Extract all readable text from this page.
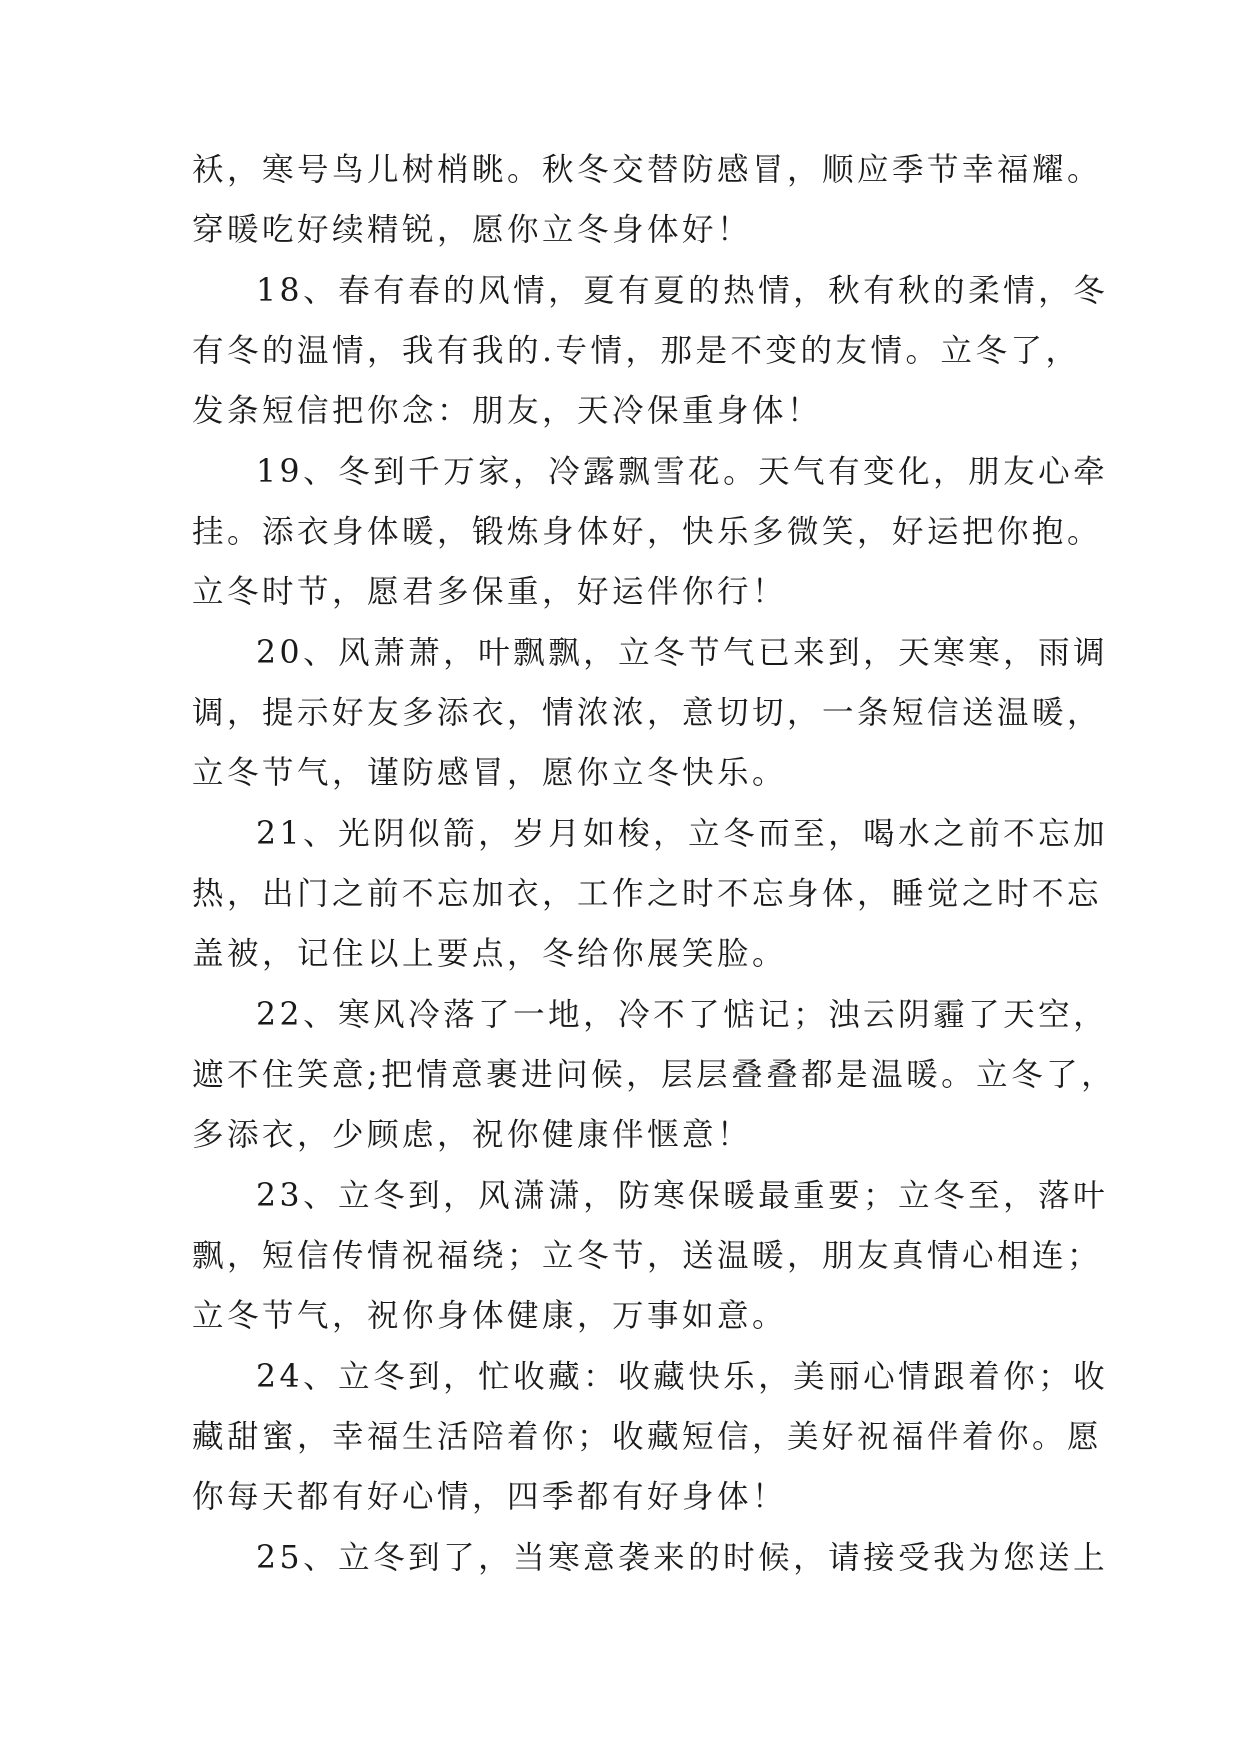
袄，寒号鸟儿树梢眺。秋冬交替防感冒，顺应季节幸福耀。
穿暖吃好续精锐，愿你立冬身体好！
18、春有春的风情，夏有夏的热情，秋有秋的柔情，冬
有冬的温情，我有我的.专情，那是不变的友情。立冬了，
发条短信把你念：朋友，天冷保重身体！
19、冬到千万家，冷露飘雪花。天气有变化，朋友心牵
挂。添衣身体暖，锻炼身体好，快乐多微笑，好运把你抱。
立冬时节，愿君多保重，好运伴你行！
20、风萧萧，叶飘飘，立冬节气已来到，天寒寒，雨调
调，提示好友多添衣，情浓浓，意切切，一条短信送温暖，
立冬节气，谨防感冒，愿你立冬快乐。
21、光阴似箭，岁月如梭，立冬而至，喝水之前不忘加
热，出门之前不忘加衣，工作之时不忘身体，睡觉之时不忘
盖被，记住以上要点，冬给你展笑脸。
22、寒风冷落了一地，冷不了惦记；浊云阴霾了天空，
遮不住笑意;把情意裹进问候，层层叠叠都是温暖。立冬了，
多添衣，少顾虑，祝你健康伴惬意！
23、立冬到，风潇潇，防寒保暖最重要；立冬至，落叶
飘，短信传情祝福绕；立冬节，送温暖，朋友真情心相连；
立冬节气，祝你身体健康，万事如意。
24、立冬到，忙收藏：收藏快乐，美丽心情跟着你；收
藏甜蜜，幸福生活陪着你；收藏短信，美好祝福伴着你。愿
你每天都有好心情，四季都有好身体！
25、立冬到了，当寒意袭来的时候，请接受我为您送上
